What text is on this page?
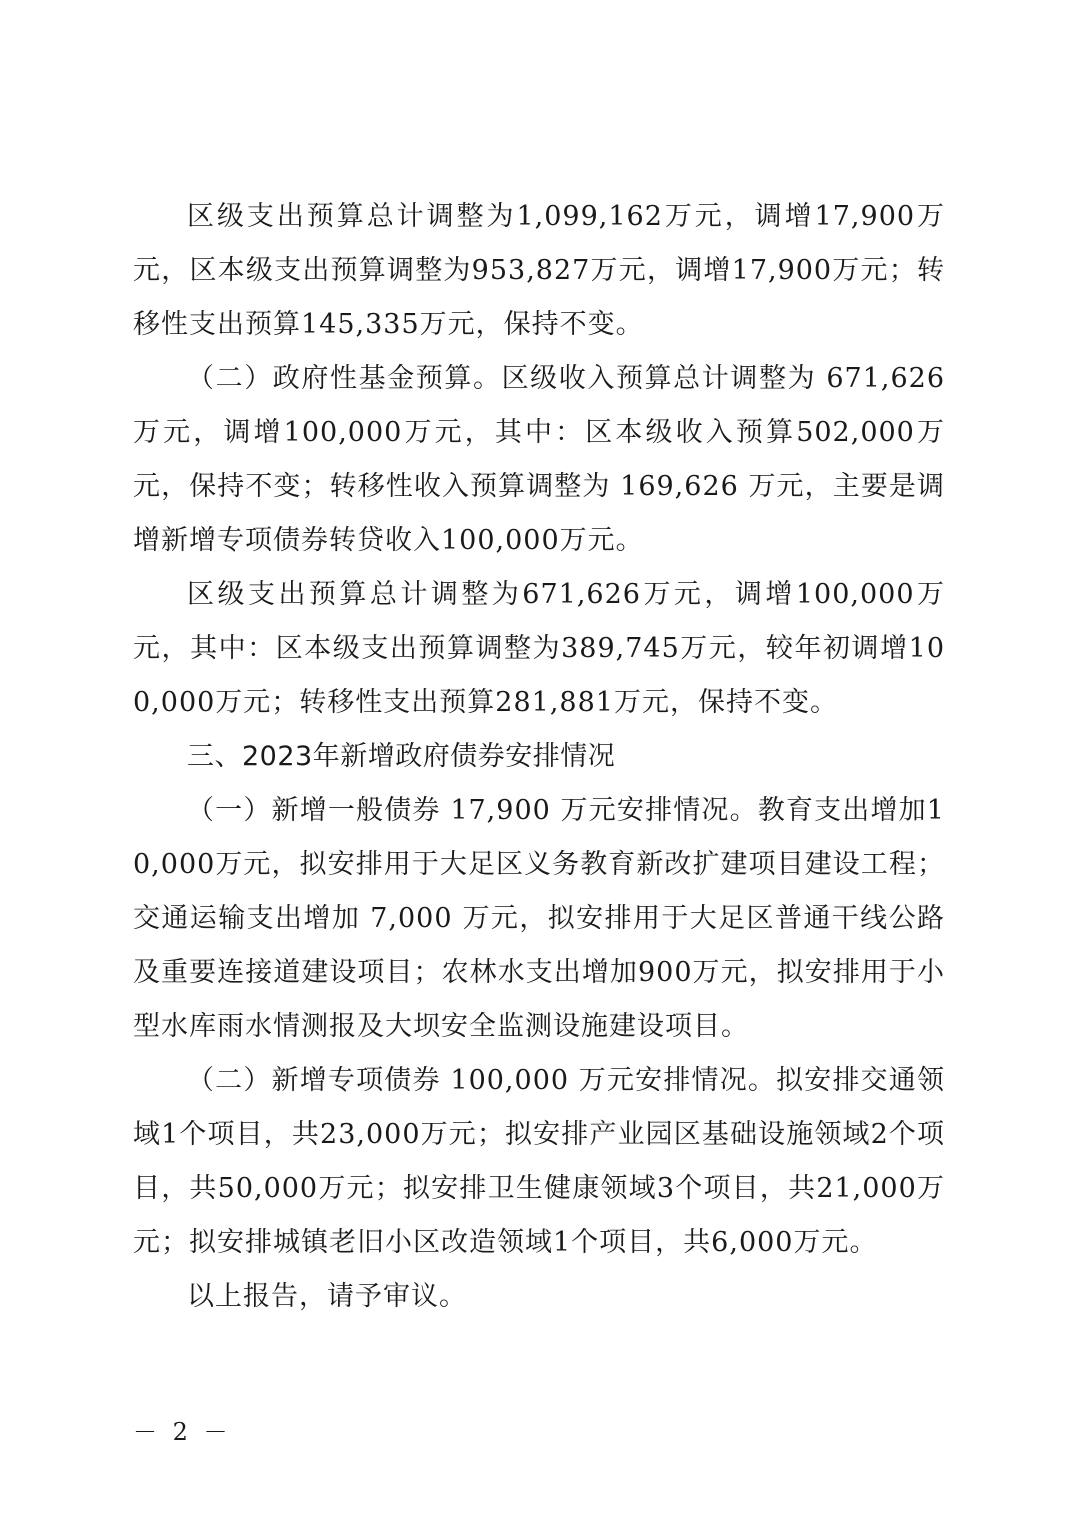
区级支出预算总计调整为1,099,162万元，调增17,900万元，区本级支出预算调整为953,827万元，调增17,900万元；转移性支出预算145,335万元，保持不变。

（二）政府性基金预算。区级收入预算总计调整为 671,626万元，调增100,000万元，其中：区本级收入预算502,000万元，保持不变；转移性收入预算调整为 169,626 万元，主要是调增新增专项债券转贷收入100,000万元。

区级支出预算总计调整为671,626万元，调增100,000万元，其中：区本级支出预算调整为389,745万元，较年初调增100,000万元；转移性支出预算281,881万元，保持不变。

三、2023年新增政府债券安排情况

（一）新增一般债券 17,900 万元安排情况。教育支出增加10,000万元，拟安排用于大足区义务教育新改扩建项目建设工程；交通运输支出增加 7,000 万元，拟安排用于大足区普通干线公路及重要连接道建设项目；农林水支出增加900万元，拟安排用于小型水库雨水情测报及大坝安全监测设施建设项目。

（二）新增专项债券 100,000 万元安排情况。拟安排交通领域1个项目，共23,000万元；拟安排产业园区基础设施领域2个项目，共50,000万元；拟安排卫生健康领域3个项目，共21,000万元；拟安排城镇老旧小区改造领域1个项目，共6,000万元。

以上报告，请予审议。

－ 2 －
